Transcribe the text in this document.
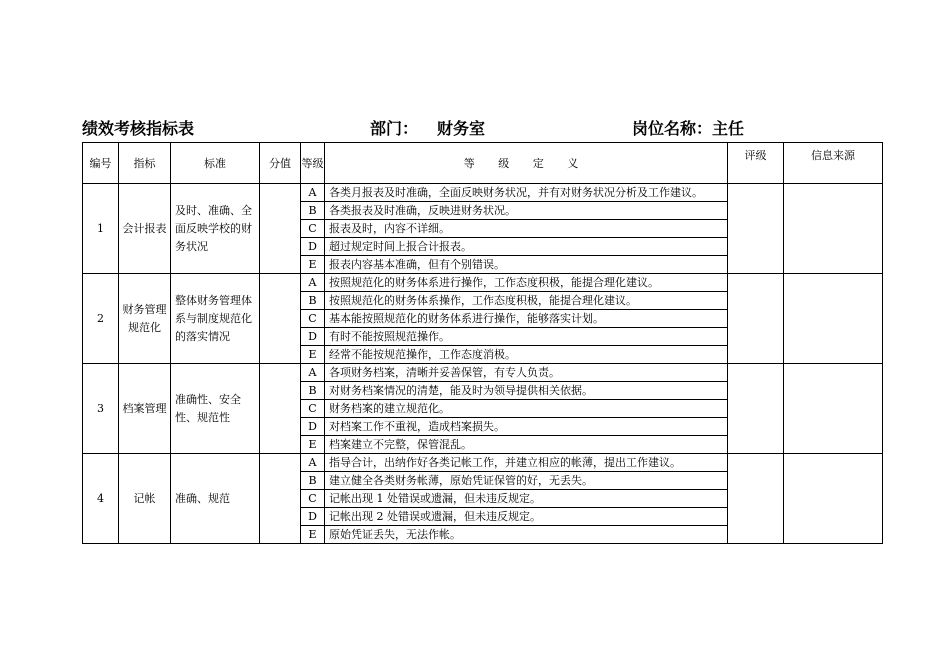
绩效考核指标表	部门： 财务室	岗位名称：主任
编号	指标	标准	分值	等级	等 级 定 义	评级	信息来源
1	会计报表	及时、准确、全面反映学校的财务状况		A	各类月报表及时准确，全面反映财务状况，并有对财务状况分析及工作建议。		
				B	各类报表及时准确，反映进财务状况。		
				C	报表及时，内容不详细。		
				D	超过规定时间上报合计报表。		
				E	报表内容基本准确，但有个别错误。		
2	财务管理规范化	整体财务管理体系与制度规范化的落实情况		A	按照规范化的财务体系进行操作，工作态度积极，能提合理化建议。		
				B	按照规范化的财务体系操作，工作态度积极，能提合理化建议。		
				C	基本能按照规范化的财务体系进行操作，能够落实计划。		
				D	有时不能按照规范操作。		
				E	经常不能按规范操作，工作态度消极。		
3	档案管理	准确性、安全性、规范性		A	各项财务档案，清晰并妥善保管，有专人负责。		
				B	对财务档案情况的清楚，能及时为领导提供相关依据。		
				C	财务档案的建立规范化。		
				D	对档案工作不重视，造成档案损失。		
				E	档案建立不完整，保管混乱。		
4	记帐	准确、规范		A	指导合计，出纳作好各类记帐工作，并建立相应的帐薄，提出工作建议。		
				B	建立健全各类财务帐薄，原始凭证保管的好，无丢失。		
				C	记帐出现 1 处错误或遗漏，但未违反规定。		
				D	记帐出现 2 处错误或遗漏，但未违反规定。		
				E	原始凭证丢失，无法作帐。		
